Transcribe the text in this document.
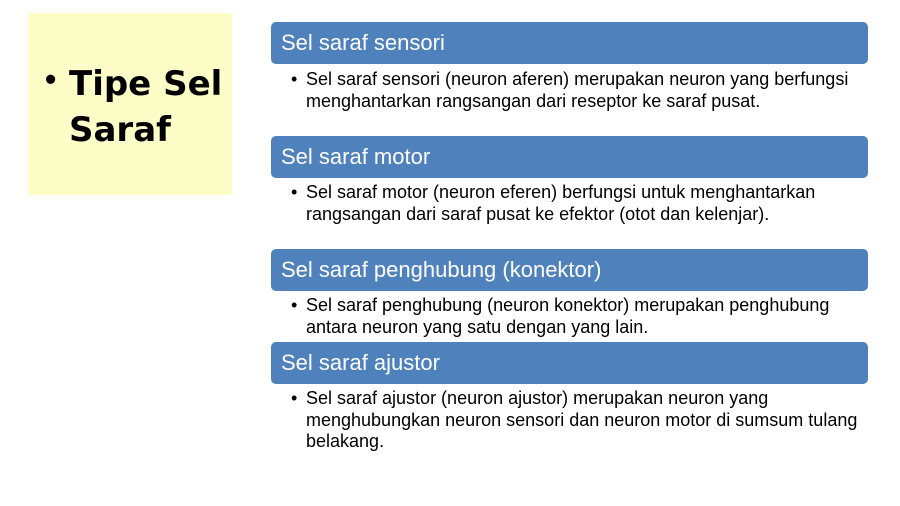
• Tipe Sel Saraf
Sel saraf sensori
• Sel saraf sensori (neuron aferen) merupakan neuron yang berfungsi menghantarkan rangsangan dari reseptor ke saraf pusat.
Sel saraf motor
• Sel saraf motor (neuron eferen) berfungsi untuk menghantarkan rangsangan dari saraf pusat ke efektor (otot dan kelenjar).
Sel saraf penghubung (konektor)
• Sel saraf penghubung (neuron konektor) merupakan penghubung antara neuron yang satu dengan yang lain.
Sel saraf ajustor
• Sel saraf ajustor (neuron ajustor) merupakan neuron yang menghubungkan neuron sensori dan neuron motor di sumsum tulang belakang.
